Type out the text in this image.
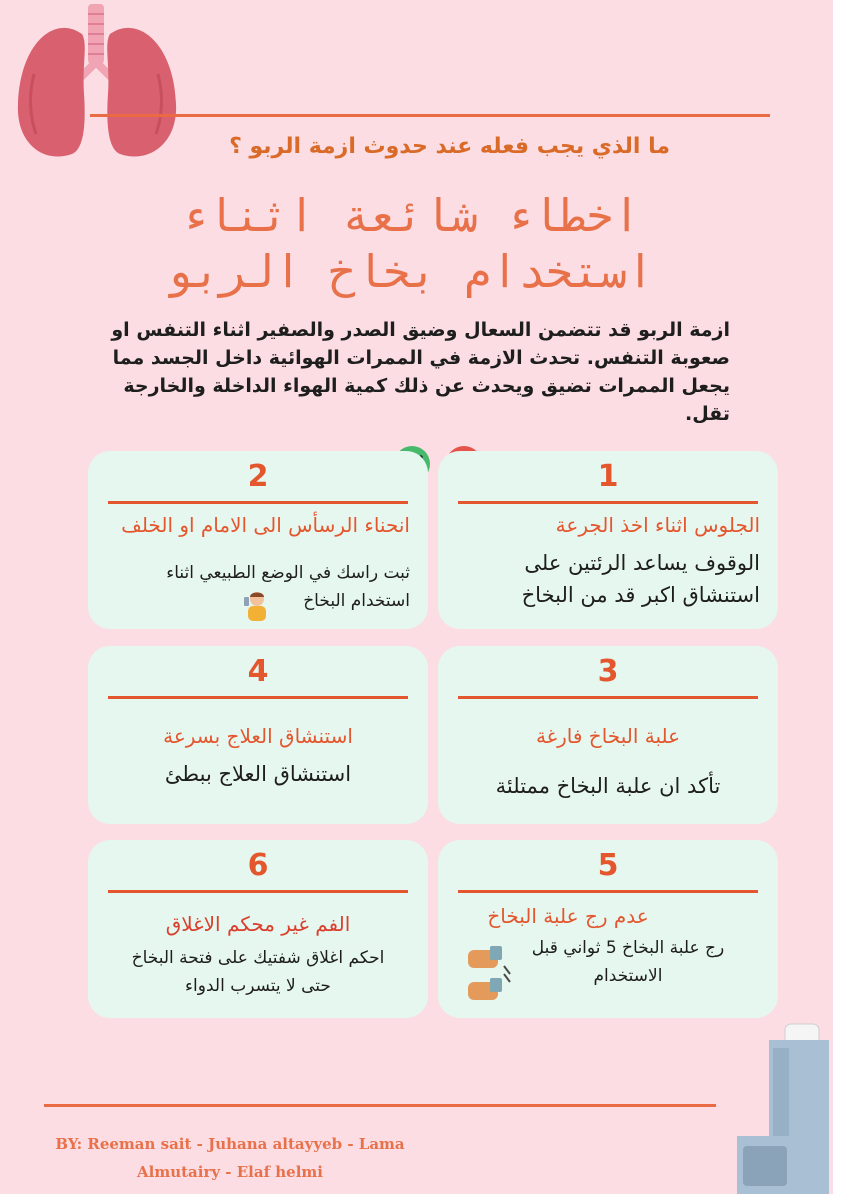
ما الذي يجب فعله عند حدوث ازمة الربو ؟
اخطاء شائعة اثناء
استخدام بخاخ الربو
ازمة الربو قد تتضمن السعال وضيق الصدر والصفير اثناء التنفس او صعوبة التنفس. تحدث الازمة في الممرات الهوائية داخل الجسد مما يجعل الممرات تضيق ويحدث عن ذلك كمية الهواء الداخلة والخارجة تقل.
1
الجلوس اثناء اخذ الجرعة
الوقوف يساعد الرئتين على استنشاق اكبر قد من البخاخ
2
انحناء الرسأس الى الامام او الخلف
ثبت راسك في الوضع الطبيعي اثناء استخدام البخاخ
3
علبة البخاخ فارغة
تأكد ان علبة البخاخ ممتلئة
4
استنشاق العلاج بسرعة
استنشاق العلاج ببطئ
5
عدم رج علبة البخاخ
رج علبة البخاخ 5 ثواني قبل الاستخدام
6
الفم غير محكم الاغلاق
احكم اغلاق شفتيك على فتحة البخاخ حتى لا يتسرب الدواء
BY: Reeman sait - Juhana altayyeb - Lama
Almutairy - Elaf helmi
